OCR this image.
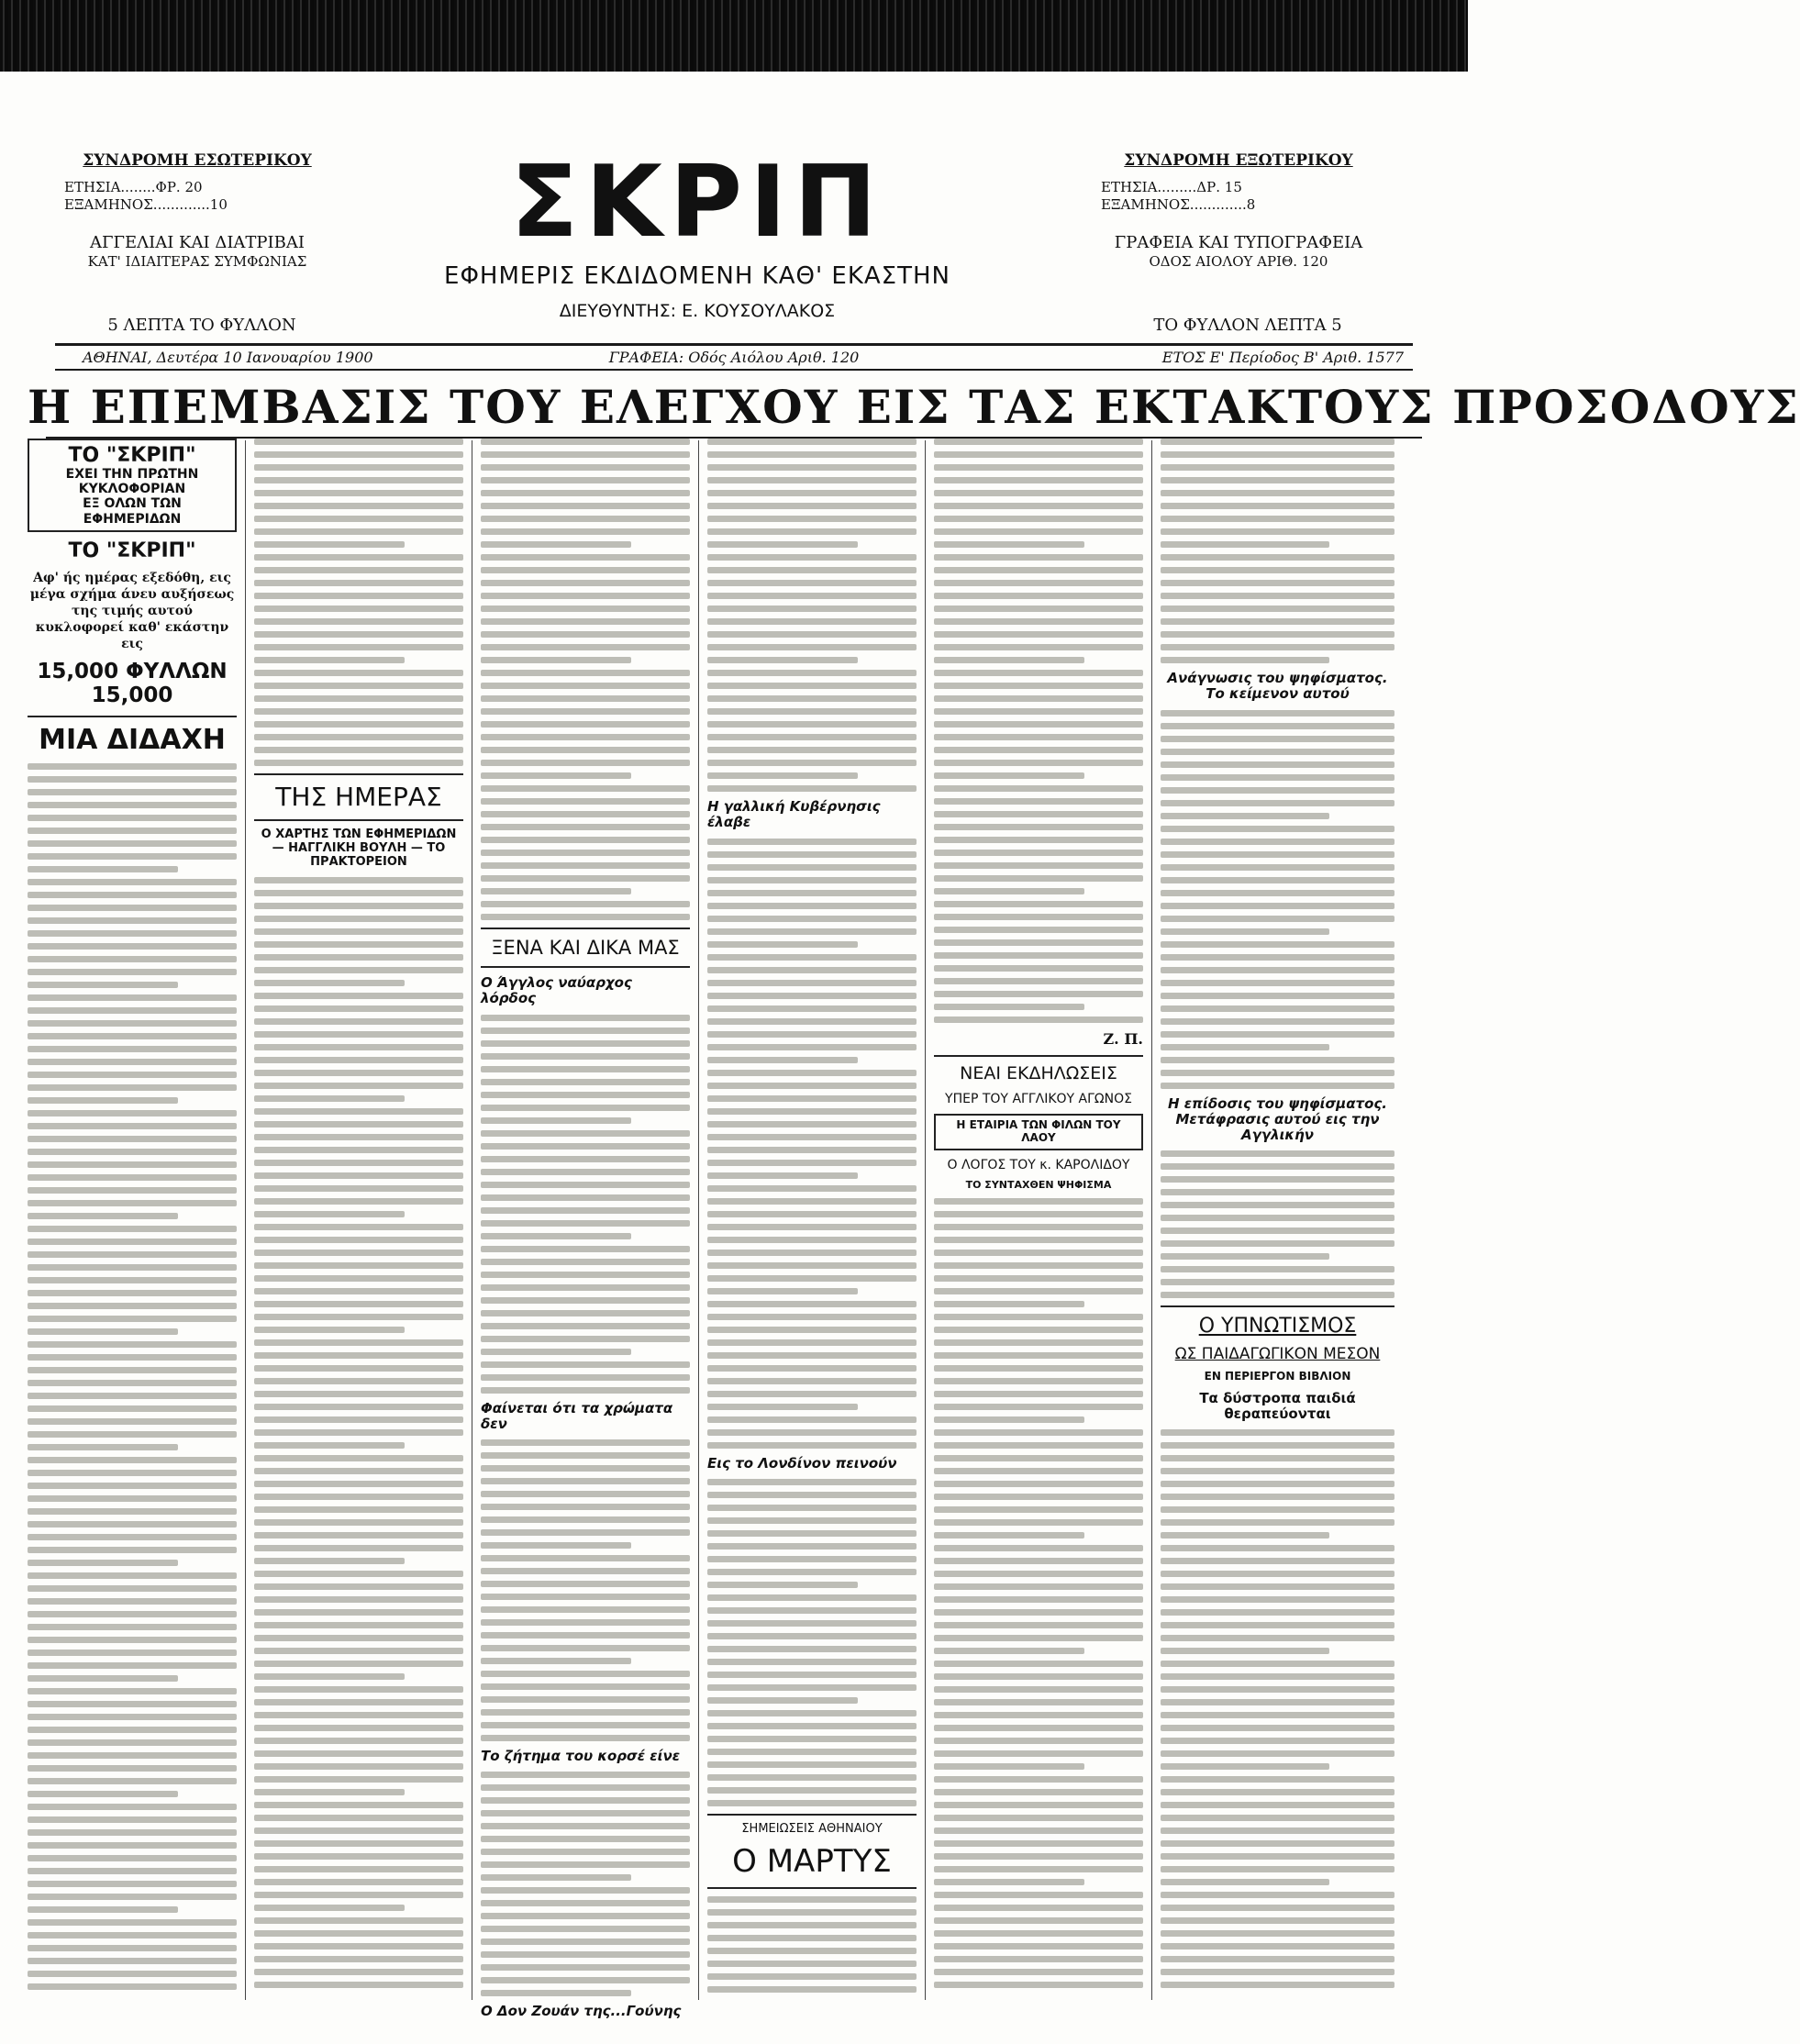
ΣΥΝΔΡΟΜΗ ΕΣΩΤΕΡΙΚΟΥ
ΕΤΗΣΙΑ........ΦΡ. 20
ΕΞΑΜΗΝΟΣ.............10
ΑΓΓΕΛΙΑΙ ΚΑΙ ΔΙΑΤΡΙΒΑΙ
ΚΑΤ' ΙΔΙΑΙΤΕΡΑΣ ΣΥΜΦΩΝΙΑΣ
5 ΛΕΠΤΑ ΤΟ ΦΥΛΛΟΝ
ΣΚΡΙΠ
ΕΦΗΜΕΡΙΣ ΕΚΔΙΔΟΜΕΝΗ ΚΑΘ' ΕΚΑΣΤΗΝ
ΔΙΕΥΘΥΝΤΗΣ: Ε. ΚΟΥΣΟΥΛΑΚΟΣ
ΣΥΝΔΡΟΜΗ ΕΞΩΤΕΡΙΚΟΥ
ΕΤΗΣΙΑ.........ΔΡ. 15
ΕΞΑΜΗΝΟΣ.............8
ΓΡΑΦΕΙΑ ΚΑΙ ΤΥΠΟΓΡΑΦΕΙΑ
ΟΔΟΣ ΑΙΟΛΟΥ ΑΡΙΘ. 120
ΤΟ ΦΥΛΛΟΝ ΛΕΠΤΑ 5
ΑΘΗΝΑΙ, Δευτέρα 10 Ιανουαρίου 1900	ΓΡΑΦΕΙΑ: Οδός Αιόλου Αριθ. 120	ΕΤΟΣ Ε' Περίοδος Β' Αριθ. 1577
Η ΕΠΕΜΒΑΣΙΣ ΤΟΥ ΕΛΕΓΧΟΥ ΕΙΣ ΤΑΣ ΕΚΤΑΚΤΟΥΣ ΠΡΟΣΟΔΟΥΣ
ΤΟ "ΣΚΡΙΠ"
ΕΧΕΙ ΤΗΝ ΠΡΩΤΗΝ ΚΥΚΛΟΦΟΡΙΑΝ
ΕΞ ΟΛΩΝ ΤΩΝ ΕΦΗΜΕΡΙΔΩΝ
ΤΟ "ΣΚΡΙΠ"
Αφ' ής ημέρας εξεδόθη, εις μέγα σχήμα άνευ αυξήσεως της τιμής αυτού κυκλοφορεί καθ' εκάστην εις
15,000 ΦΥΛΛΩΝ 15,000
ΜΙΑ ΔΙΔΑΧΗ
ΤΗΣ ΗΜΕΡΑΣ
Ο ΧΑΡΤΗΣ ΤΩΝ ΕΦΗΜΕΡΙΔΩΝ — ΗΑΓΓΛΙΚΗ ΒΟΥΛΗ — ΤΟ ΠΡΑΚΤΟΡΕΙΟΝ
ΞΕΝΑ ΚΑΙ ΔΙΚΑ ΜΑΣ
Ο Άγγλος ναύαρχος λόρδος
Φαίνεται ότι τα χρώματα δεν
Το ζήτημα του κορσέ είνε
Ο Δον Ζουάν της...Γούνης
Η γαλλική Κυβέρνησις έλαβε
Εις το Λονδίνον πεινούν
ΣΗΜΕΙΩΣΕΙΣ ΑΘΗΝΑΙΟΥ
Ο ΜΑΡΤΥΣ
Ζ. Π.
ΝΕΑΙ ΕΚΔΗΛΩΣΕΙΣ
ΥΠΕΡ ΤΟΥ ΑΓΓΛΙΚΟΥ ΑΓΩΝΟΣ
Η ΕΤΑΙΡΙΑ ΤΩΝ ΦΙΛΩΝ ΤΟΥ ΛΑΟΥ
Ο ΛΟΓΟΣ ΤΟΥ κ. ΚΑΡΟΛΙΔΟΥ
ΤΟ ΣΥΝΤΑΧΘΕΝ ΨΗΦΙΣΜΑ
Ανάγνωσις του ψηφίσματος. Το κείμενον αυτού
Η επίδοσις του ψηφίσματος. Μετάφρασις αυτού εις την Αγγλικήν
Ο ΥΠΝΩΤΙΣΜΟΣ
ΩΣ ΠΑΙΔΑΓΩΓΙΚΟΝ ΜΕΣΟΝ
ΕΝ ΠΕΡΙΕΡΓΟΝ ΒΙΒΛΙΟΝ
Τα δύστροπα παιδιά θεραπεύονται
